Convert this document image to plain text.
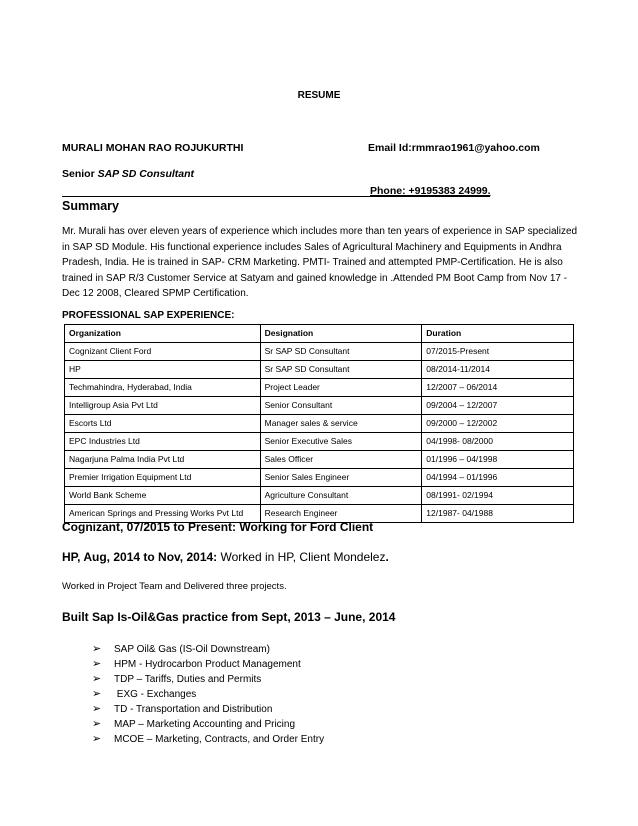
RESUME
MURALI MOHAN RAO ROJUKURTHI	Email Id:rmmrao1961@yahoo.com
Senior SAP SD Consultant
Phone: +9195383 24999.
Summary
Mr. Murali has over eleven years of experience which includes more than ten years of experience in SAP specialized in SAP SD Module. His functional experience includes Sales of Agricultural Machinery and Equipments in Andhra Pradesh, India. He is trained in SAP- CRM Marketing. PMTI- Trained and attempted PMP-Certification. He is also trained in SAP R/3 Customer Service at Satyam and gained knowledge in .Attended PM Boot Camp from Nov 17 -Dec 12 2008, Cleared SPMP Certification.
PROFESSIONAL SAP EXPERIENCE:
Organization	Designation	Duration
Cognizant Client Ford	Sr SAP SD Consultant	07/2015-Present
HP	Sr SAP SD Consultant	08/2014-11/2014
Techmahindra, Hyderabad, India	Project Leader	12/2007 – 06/2014
Intelligroup Asia Pvt Ltd	Senior Consultant	09/2004 – 12/2007
Escorts Ltd	Manager sales & service	09/2000 – 12/2002
EPC Industries Ltd	Senior Executive Sales	04/1998- 08/2000
Nagarjuna Palma India Pvt Ltd	Sales Officer	01/1996 – 04/1998
Premier Irrigation Equipment Ltd	Senior Sales Engineer	04/1994 – 01/1996
World Bank Scheme	Agriculture Consultant	08/1991- 02/1994
American Springs and Pressing Works Pvt Ltd	Research Engineer	12/1987- 04/1988
Cognizant, 07/2015 to Present: Working for Ford Client
HP, Aug, 2014 to Nov, 2014: Worked in HP, Client Mondelez.
Worked in Project Team and Delivered three projects.
Built Sap Is-Oil&Gas practice from Sept, 2013 – June, 2014
➢ SAP Oil& Gas (IS-Oil Downstream)
➢ HPM - Hydrocarbon Product Management
➢ TDP – Tariffs, Duties and Permits
➢ EXG - Exchanges
➢ TD - Transportation and Distribution
➢ MAP – Marketing Accounting and Pricing
➢ MCOE – Marketing, Contracts, and Order Entry
